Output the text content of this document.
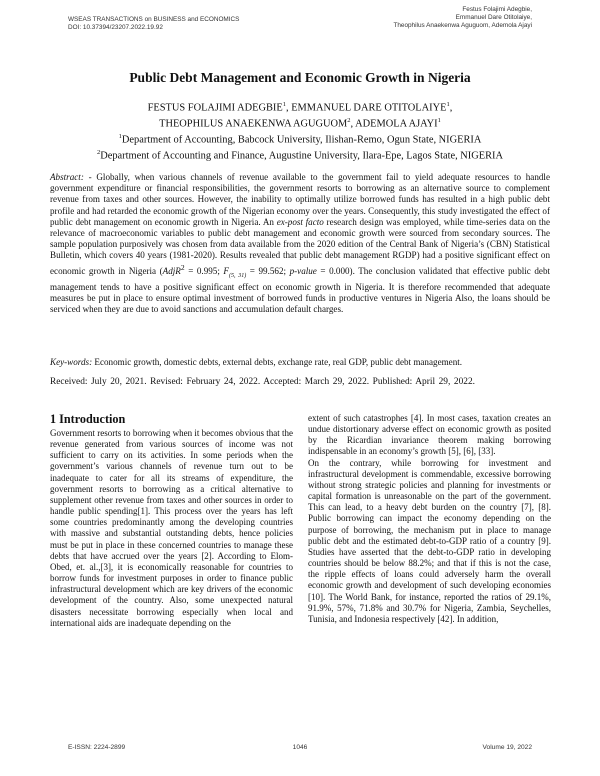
WSEAS TRANSACTIONS on BUSINESS and ECONOMICS
DOI: 10.37394/23207.2022.19.92
Festus Folajimi Adegbie,
Emmanuel Dare Otitolaiye,
Theophilus Anaekenwa Aguguom, Ademola Ajayi
Public Debt Management and Economic Growth in Nigeria
FESTUS FOLAJIMI ADEGBIE$^1$, EMMANUEL DARE OTITOLAIYE$^1$,
THEOPHILUS ANAEKENWA AGUGUOM$^2$, ADEMOLA AJAYI$^1$
$^1$Department of Accounting, Babcock University, Ilishan-Remo, Ogun State, NIGERIA
$^2$Department of Accounting and Finance, Augustine University, Ilara-Epe, Lagos State, NIGERIA
Abstract: - Globally, when various channels of revenue available to the government fail to yield adequate resources to handle government expenditure or financial responsibilities, the government resorts to borrowing as an alternative source to complement revenue from taxes and other sources. However, the inability to optimally utilize borrowed funds has resulted in a high public debt profile and had retarded the economic growth of the Nigerian economy over the years. Consequently, this study investigated the effect of public debt management on economic growth in Nigeria. An ex-post facto research design was employed, while time-series data on the relevance of macroeconomic variables to public debt management and economic growth were sourced from secondary sources. The sample population purposively was chosen from data available from the 2020 edition of the Central Bank of Nigeria’s (CBN) Statistical Bulletin, which covers 40 years (1981-2020). Results revealed that public debt management RGDP) had a positive significant effect on economic growth in Nigeria (AdjR$^2$ = 0.995; $F_{(5, 31)} = 99.562$; p-value = 0.000). The conclusion validated that effective public debt management tends to have a positive significant effect on economic growth in Nigeria. It is therefore recommended that adequate measures be put in place to ensure optimal investment of borrowed funds in productive ventures in Nigeria Also, the loans should be serviced when they are due to avoid sanctions and accumulation default charges.
Key-words: Economic growth, domestic debts, external debts, exchange rate, real GDP, public debt management.
Received: July 20, 2021. Revised: February 24, 2022. Accepted: March 29, 2022. Published: April 29, 2022.
1 Introduction

Government resorts to borrowing when it becomes obvious that the revenue generated from various sources of income was not sufficient to carry on its activities. In some periods when the government’s various channels of revenue turn out to be inadequate to cater for all its streams of expenditure, the government resorts to borrowing as a critical alternative to supplement other revenue from taxes and other sources in order to handle public spending[1]. This process over the years has left some countries predominantly among the developing countries with massive and substantial outstanding debts, hence policies must be put in place in these concerned countries to manage these debts that have accrued over the years [2]. According to Elom-Obed, et. al.,[3], it is economically reasonable for countries to borrow funds for investment purposes in order to finance public infrastructural development which are key drivers of the economic development of the country. Also, some unexpected natural disasters necessitate borrowing especially when local and international aids are inadequate depending on the

extent of such catastrophes [4]. In most cases, taxation creates an undue distortionary adverse effect on economic growth as posited by the Ricardian invariance theorem making borrowing indispensable in an economy’s growth [5], [6], [33].

On the contrary, while borrowing for investment and infrastructural development is commendable, excessive borrowing without strong strategic policies and planning for investments or capital formation is unreasonable on the part of the government. This can lead, to a heavy debt burden on the country [7], [8]. Public borrowing can impact the economy depending on the purpose of borrowing, the mechanism put in place to manage public debt and the estimated debt-to-GDP ratio of a country [9]. Studies have asserted that the debt-to-GDP ratio in developing countries should be below 88.2%; and that if this is not the case, the ripple effects of loans could adversely harm the overall economic growth and development of such developing economies [10]. The World Bank, for instance, reported the ratios of 29.1%, 91.9%, 57%, 71.8% and 30.7% for Nigeria, Zambia, Seychelles, Tunisia, and Indonesia respectively [42]. In addition,

E-ISSN: 2224-2899	1046	Volume 19, 2022
